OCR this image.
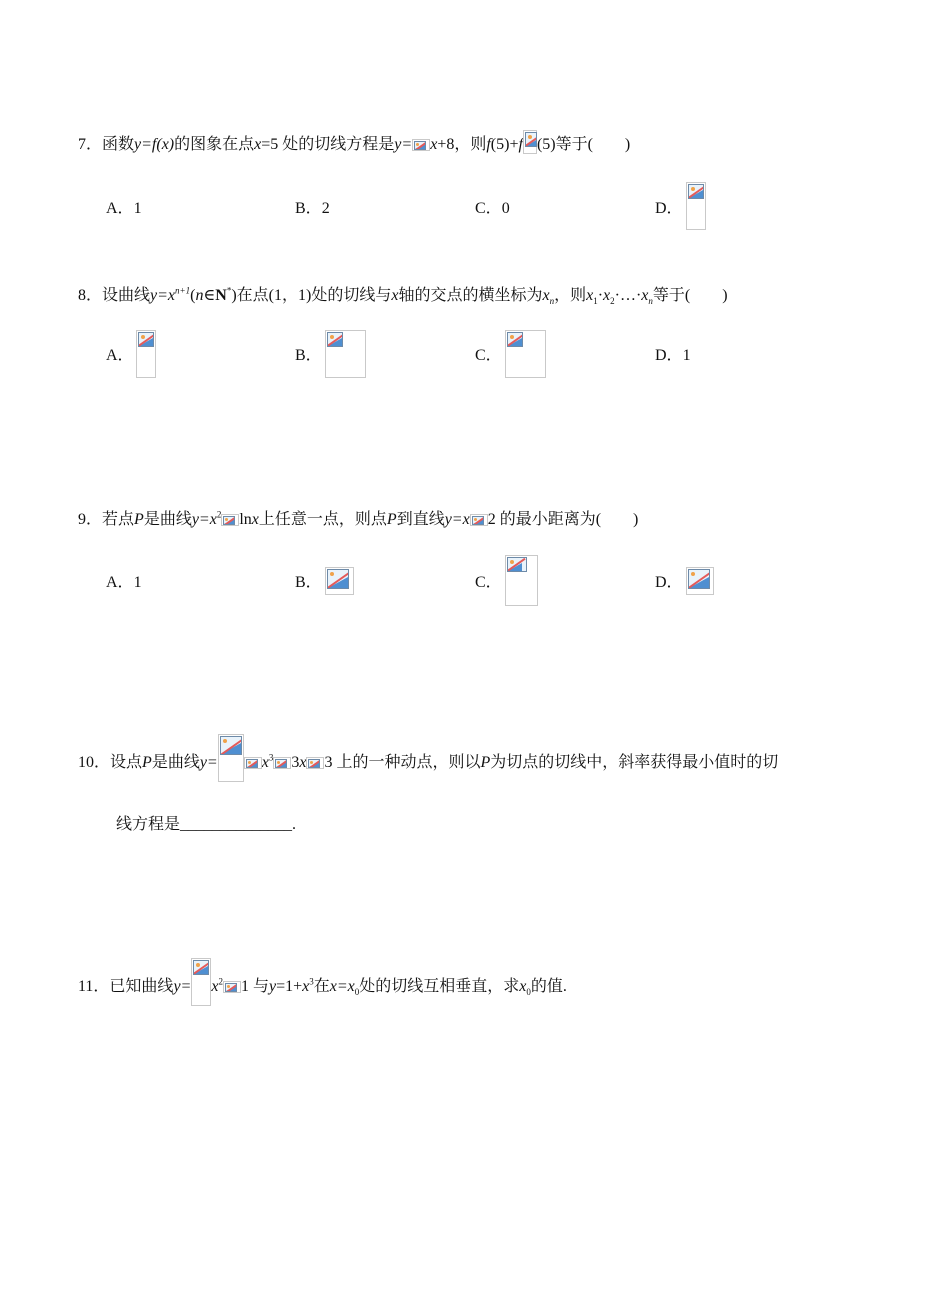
7．函数y=f(x)的图象在点x=5 处的切线方程是y= x+8，则f(5)+f (5)等于(　　)
A．1	B．2	C．0	D．
8．设曲线$y=x^{n+1}(n\in N^*)$在点(1，1)处的切线与x轴的交点的横坐标为$x_n$，则$x_1\cdot x_2\cdot\dots\cdot x_n$等于(　　)
A．	B．	C．	D．1
9．若点P是曲线$y=x^2$ lnx上任意一点，则点P到直线y=x 2 的最小距离为(　　)
A．1	B．	C．	D．
10．设点P是曲线y=	$x^3$ 3x 3 上的一种动点，则以P为切点的切线中，斜率获得最小值时的切
线方程是______________.
11．已知曲线$y= x^2$ 1 与$y=1+x^3$在$x=x_0$处的切线互相垂直，求$x_0$的值.
